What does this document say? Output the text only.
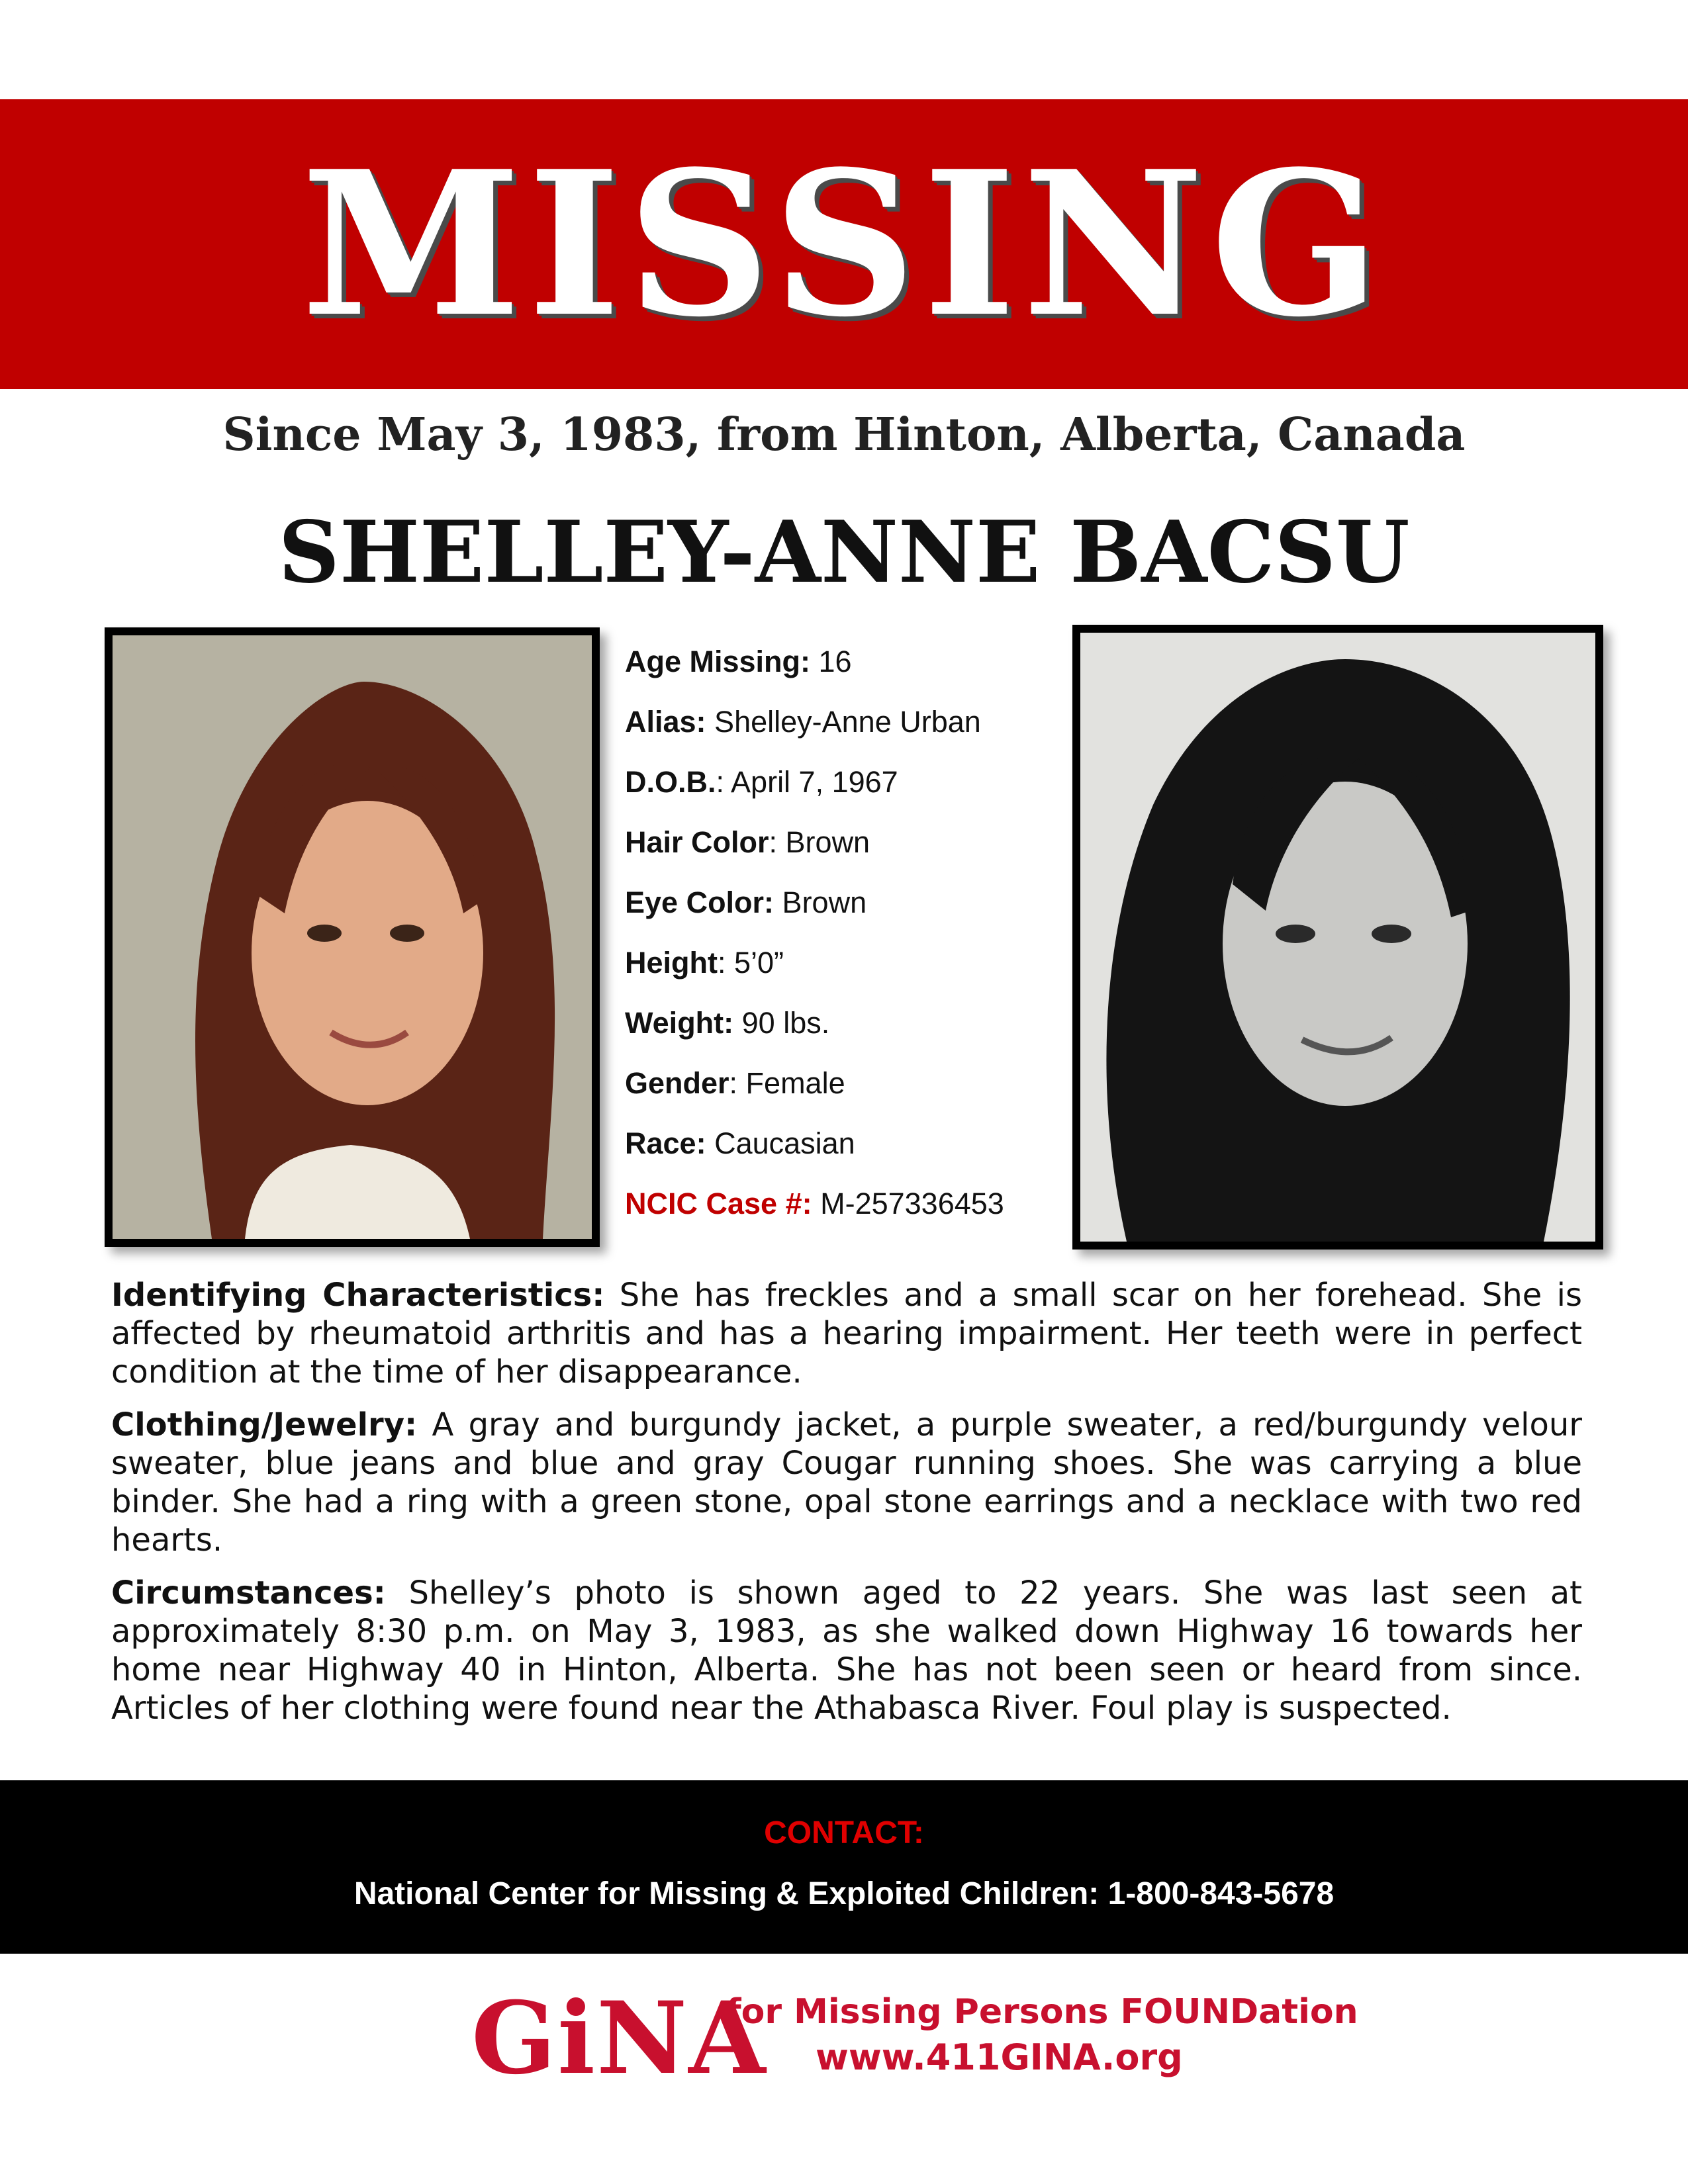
MISSING
Since May 3, 1983, from Hinton, Alberta, Canada
SHELLEY-ANNE BACSU
Age Missing: 16
Alias: Shelley-Anne Urban
D.O.B.: April 7, 1967
Hair Color: Brown
Eye Color: Brown
Height: 5’0”
Weight: 90 lbs.
Gender: Female
Race: Caucasian
NCIC Case #: M-257336453

Identifying Characteristics: She has freckles and a small scar on her forehead. She is affected by rheumatoid arthritis and has a hearing impairment. Her teeth were in perfect condition at the time of her disappearance.

Clothing/Jewelry: A gray and burgundy jacket, a purple sweater, a red/burgundy velour sweater, blue jeans and blue and gray Cougar running shoes. She was carrying a blue binder. She had a ring with a green stone, opal stone earrings and a necklace with two red hearts.

Circumstances: Shelley’s photo is shown aged to 22 years. She was last seen at approximately 8:30 p.m. on May 3, 1983, as she walked down Highway 16 towards her home near Highway 40 in Hinton, Alberta. She has not been seen or heard from since. Articles of her clothing were found near the Athabasca River. Foul play is suspected.

CONTACT:
National Center for Missing & Exploited Children: 1-800-843-5678
GiNA
for Missing Persons FOUNDation
www.411GINA.org
